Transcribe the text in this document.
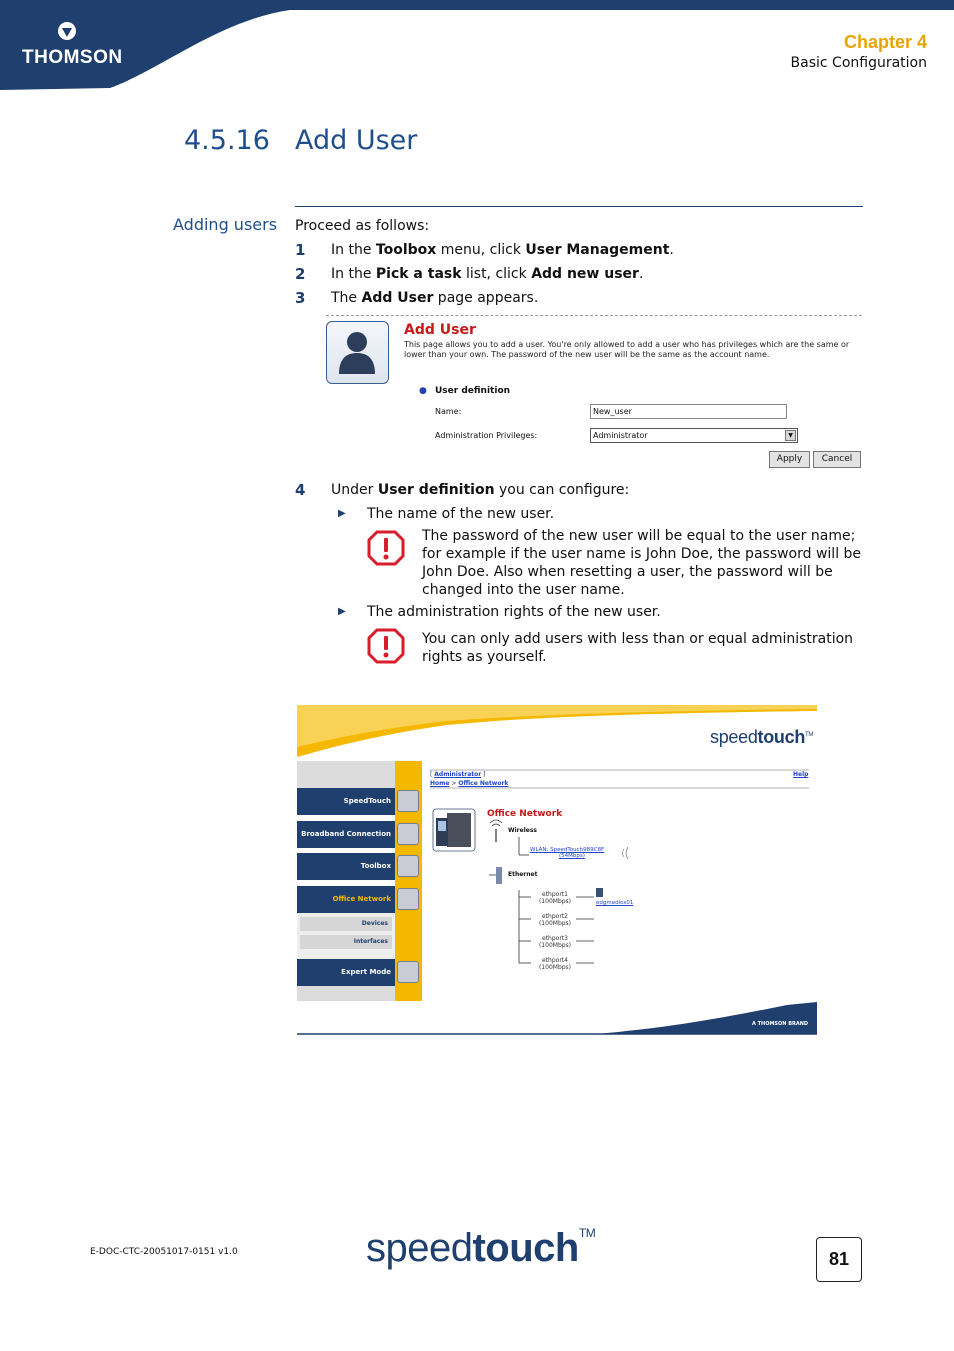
THOMSON
Chapter 4
Basic Configuration
4.5.16 Add User
Adding users Proceed as follows:
1 In the Toolbox menu, click User Management.
2 In the Pick a task list, click Add new user.
3 The Add User page appears.
Add User
This page allows you to add a user. You're only allowed to add a user who has privileges which are the same or lower than your own. The password of the new user will be the same as the account name.
● User definition
Name:	New_user
Administration Privileges:	Administrator	▼
Apply	Cancel
4 Under User definition you can configure:
▶ The name of the new user.
The password of the new user will be equal to the user name; for example if the user name is John Doe, the password will be John Doe. Also when resetting a user, the password will be changed into the user name.
▶ The administration rights of the new user.
You can only add users with less than or equal administration rights as yourself.
speedtouch™
SpeedTouch
Broadband Connection
Toolbox
Office Network
Devices
Interfaces
Expert Mode
[ Administrator ]	Help
Home > Office Network
Office Network
Wireless
WLAN: SpeedTouch989C8F
(54Mbps)
Ethernet
ethport1
(100Mbps)
ethport2
(100Mbps)
ethport3
(100Mbps)
ethport4
(100Mbps)
edgmedios01
A THOMSON BRAND
E-DOC-CTC-20051017-0151 v1.0	speedtouch™
81
